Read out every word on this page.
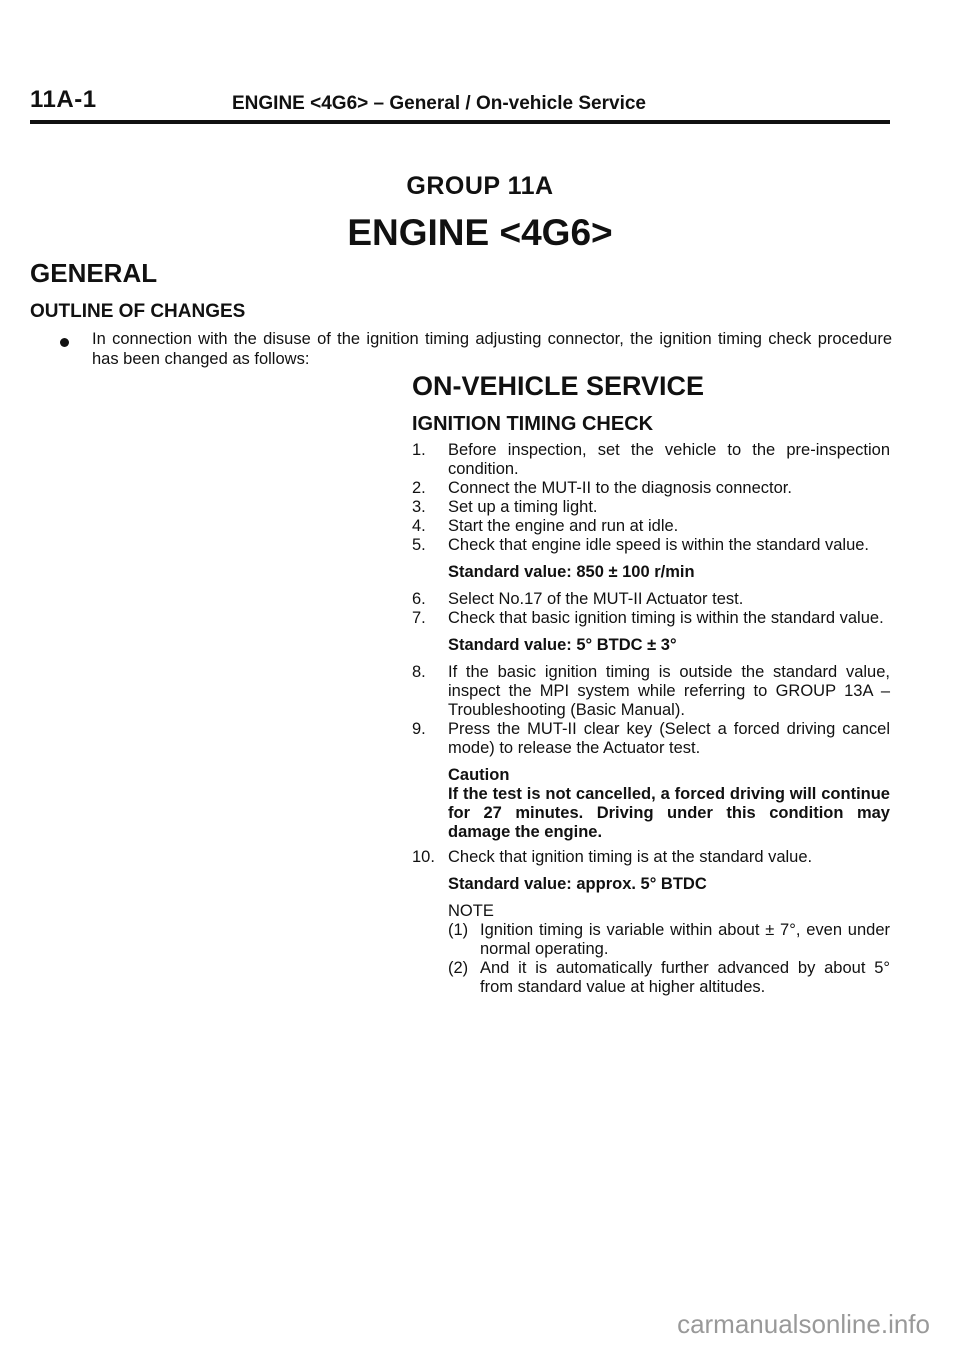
11A-1	ENGINE <4G6> – General / On-vehicle Service
GROUP 11A
ENGINE <4G6>
GENERAL
OUTLINE OF CHANGES
In connection with the disuse of the ignition timing adjusting connector, the ignition timing check procedure has been changed as follows:
ON-VEHICLE SERVICE
IGNITION TIMING CHECK
1.	Before inspection, set the vehicle to the pre-inspection condition.
2.	Connect the MUT-II to the diagnosis connector.
3.	Set up a timing light.
4.	Start the engine and run at idle.
5.	Check that engine idle speed is within the standard value.
Standard value: 850 ± 100 r/min
6.	Select No.17 of the MUT-II Actuator test.
7.	Check that basic ignition timing is within the standard value.
Standard value: 5° BTDC ± 3°
8.	If the basic ignition timing is outside the standard value, inspect the MPI system while referring to GROUP 13A – Troubleshooting (Basic Manual).
9.	Press the MUT-II clear key (Select a forced driving cancel mode) to release the Actuator test.
Caution
If the test is not cancelled, a forced driving will continue for 27 minutes. Driving under this condition may damage the engine.
10. Check that ignition timing is at the standard value.
Standard value: approx. 5° BTDC
NOTE
(1) Ignition timing is variable within about ± 7°, even under normal operating.
(2) And it is automatically further advanced by about 5° from standard value at higher altitudes.
carmanualsonline.info
